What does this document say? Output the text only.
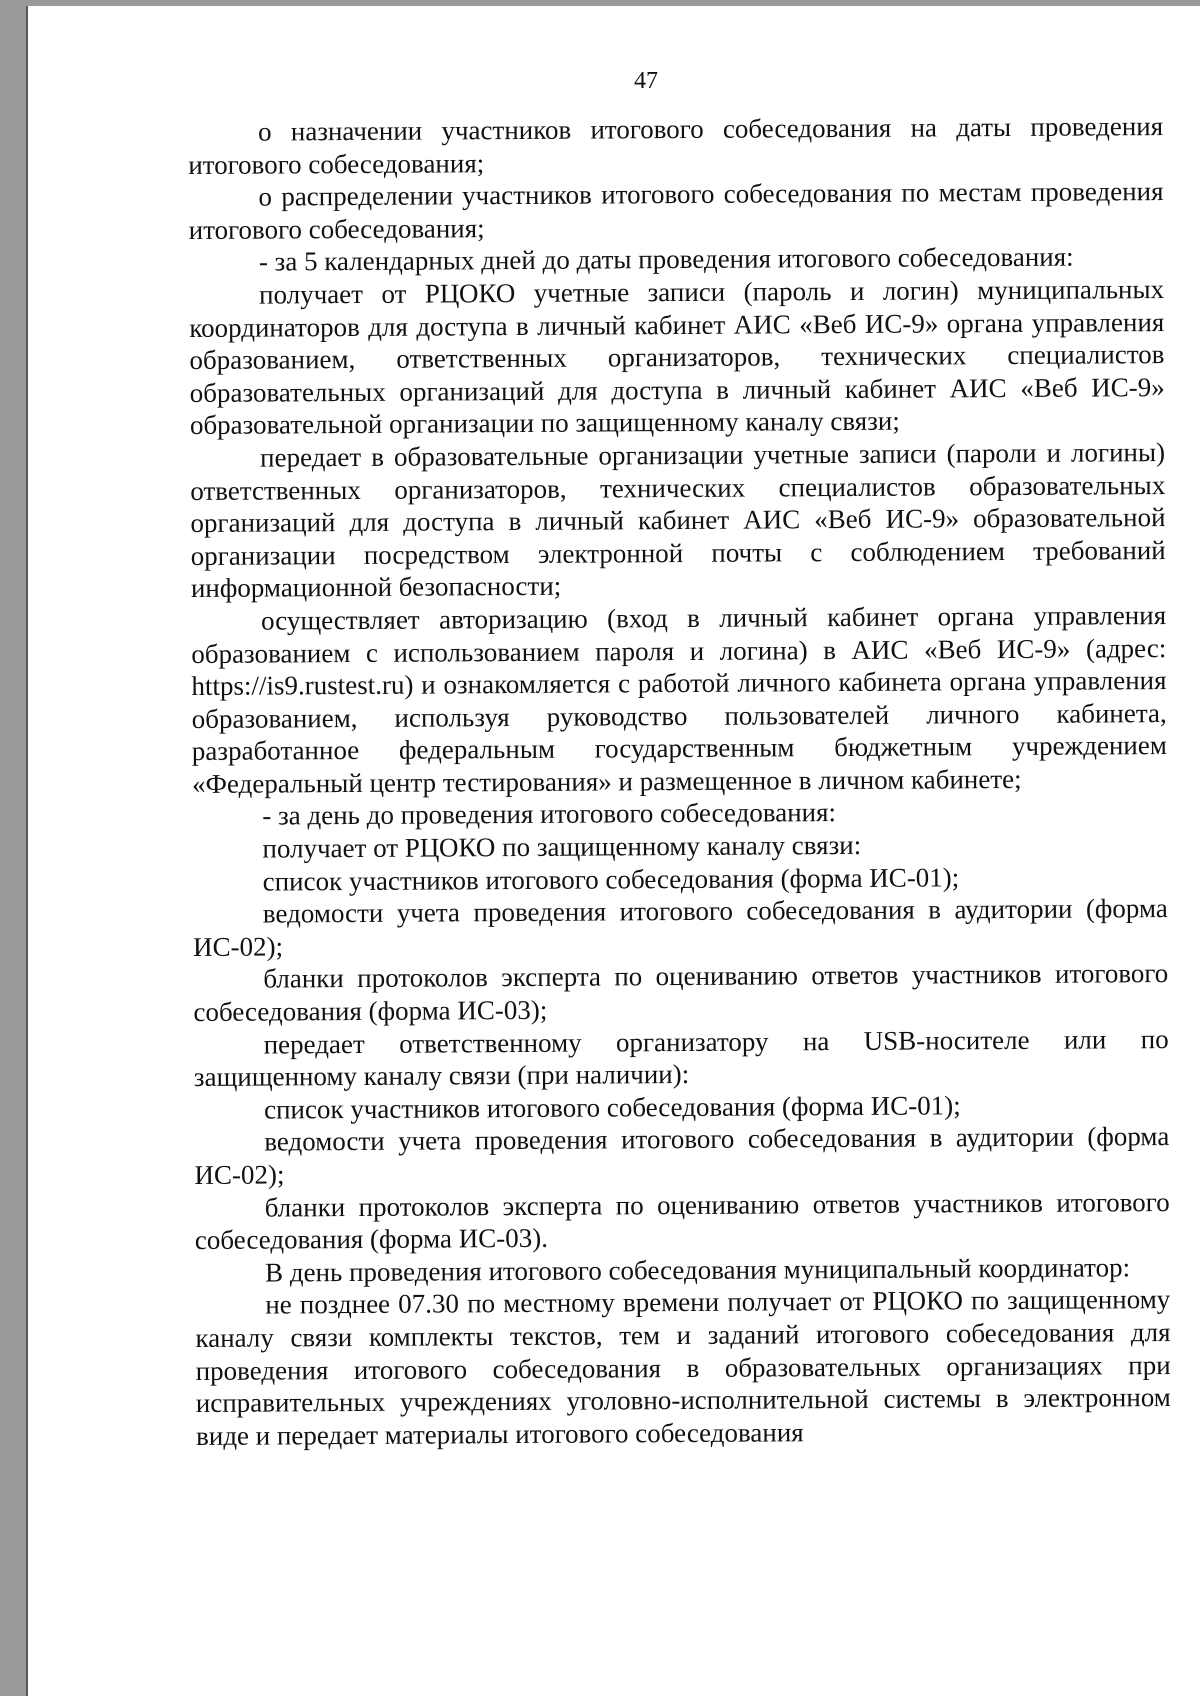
47

о назначении участников итогового собеседования на даты проведения итогового собеседования;

о распределении участников итогового собеседования по местам проведения итогового собеседования;

- за 5 календарных дней до даты проведения итогового собеседования:

получает от РЦОКО учетные записи (пароль и логин) муниципальных координаторов для доступа в личный кабинет АИС «Веб ИС-9» органа управления образованием, ответственных организаторов, технических специалистов образовательных организаций для доступа в личный кабинет АИС «Веб ИС-9» образовательной организации по защищенному каналу связи;

передает в образовательные организации учетные записи (пароли и логины) ответственных организаторов, технических специалистов образовательных организаций для доступа в личный кабинет АИС «Веб ИС-9» образовательной организации посредством электронной почты с соблюдением требований информационной безопасности;

осуществляет авторизацию (вход в личный кабинет органа управления образованием с использованием пароля и логина) в АИС «Веб ИС-9» (адрес: https://is9.rustest.ru) и ознакомляется с работой личного кабинета органа управления образованием, используя руководство пользователей личного кабинета, разработанное федеральным государственным бюджетным учреждением «Федеральный центр тестирования» и размещенное в личном кабинете;

- за день до проведения итогового собеседования:

получает от РЦОКО по защищенному каналу связи:

список участников итогового собеседования (форма ИС-01);

ведомости учета проведения итогового собеседования в аудитории (форма ИС-02);

бланки протоколов эксперта по оцениванию ответов участников итогового собеседования (форма ИС-03);

передает ответственному организатору на USB-носителе или по защищенному каналу связи (при наличии):

список участников итогового собеседования (форма ИС-01);

ведомости учета проведения итогового собеседования в аудитории (форма ИС-02);

бланки протоколов эксперта по оцениванию ответов участников итогового собеседования (форма ИС-03).

В день проведения итогового собеседования муниципальный координатор:

не позднее 07.30 по местному времени получает от РЦОКО по защищенному каналу связи комплекты текстов, тем и заданий итогового собеседования для проведения итогового собеседования в образовательных организациях при исправительных учреждениях уголовно-исполнительной системы в электронном виде и передает материалы итогового собеседования
